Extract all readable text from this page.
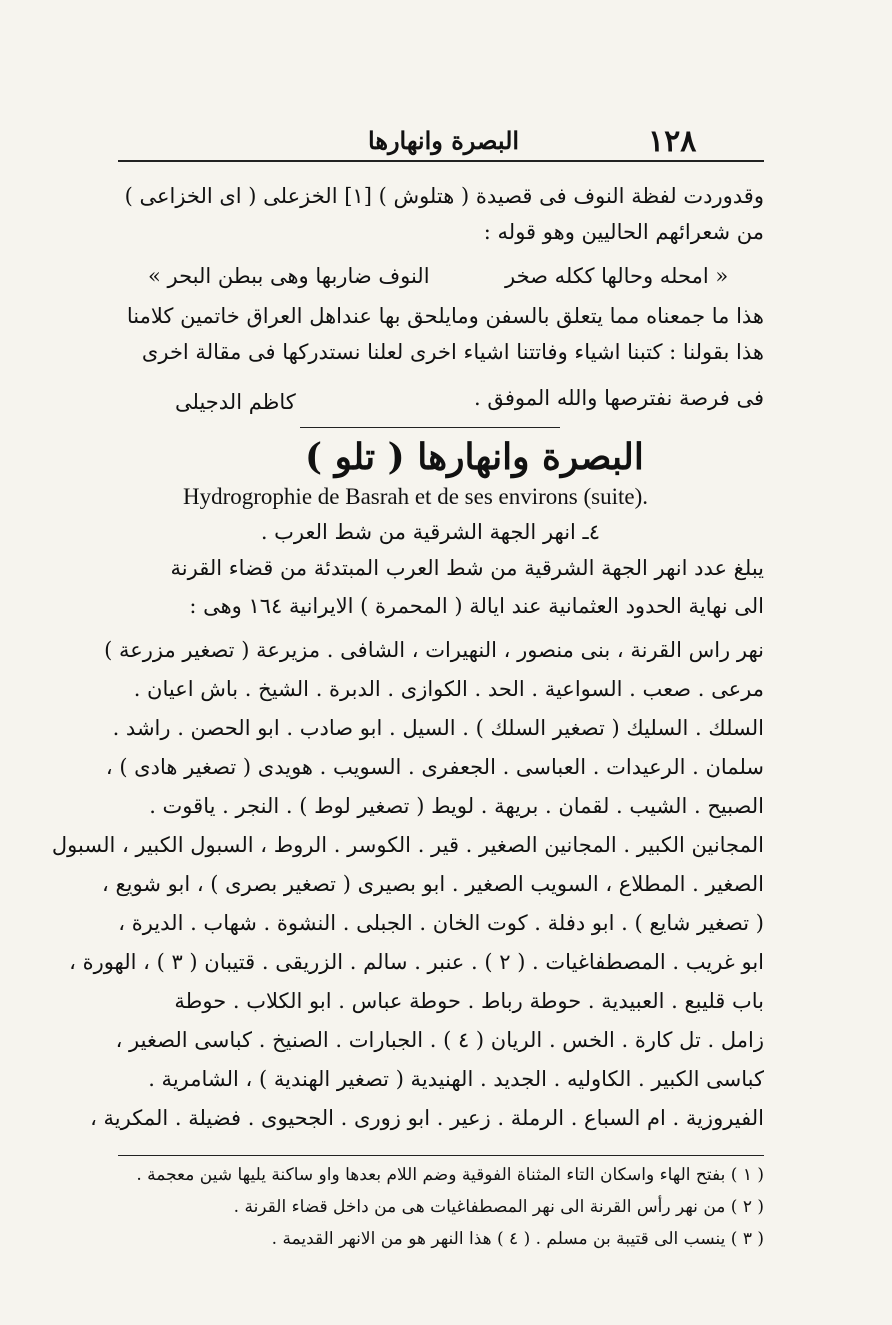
١٢٨
البصرة وانهارها
وقدوردت لفظة النوف فى قصيدة ( هتلوش ) [١] الخزعلى ( اى الخزاعى )
من شعرائهم الحاليين وهو قوله :
« امحله وحالها ككله صخر
النوف ضاربها وهى ببطن البحر »
هذا ما جمعناه مما يتعلق بالسفن ومايلحق بها عنداهل العراق خاتمين كلامنا
هذا بقولنا : كتبنا اشياء وفاتتنا اشياء اخرى لعلنا نستدركها فى مقالة اخرى
فى فرصة نفترصها والله الموفق .
كاظم الدجيلى
البصرة وانهارها ( تلو )
Hydrogrophie de Basrah et de ses environs (suite).
٤ـ انهر الجهة الشرقية من شط العرب .
يبلغ عدد انهر الجهة الشرقية من شط العرب المبتدئة من قضاء القرنة
الى نهاية الحدود العثمانية عند ايالة ( المحمرة ) الايرانية ١٦٤ وهى :
نهر راس القرنة ، بنى منصور ، النهيرات ، الشافى . مزيرعة ( تصغير مزرعة )
مرعى . صعب . السواعية . الحد . الكوازى . الدبرة . الشيخ . باش اعيان .
السلك . السليك ( تصغير السلك ) . السيل . ابو صادب . ابو الحصن . راشد .
سلمان . الرعيدات . العباسى . الجعفرى . السويب . هويدى ( تصغير هادى ) ،
الصبيح . الشيب . لقمان . بريهة . لويط ( تصغير لوط ) . النجر . ياقوت .
المجانين الكبير . المجانين الصغير . قير . الكوسر . الروط ، السبول الكبير ، السبول
الصغير . المطلاع ، السويب الصغير . ابو بصيرى ( تصغير بصرى ) ، ابو شويع ،
( تصغير شايع ) . ابو دفلة . كوت الخان . الجبلى . النشوة . شهاب . الديرة ،
ابو غريب . المصطفاغيات . ( ٢ ) . عنبر . سالم . الزريقى . قتيبان ( ٣ ) ، الهورة ،
باب قليبع . العبيدية . حوطة رباط . حوطة عباس . ابو الكلاب . حوطة
زامل . تل كارة . الخس . الريان ( ٤ ) . الجبارات . الصنيخ . كباسى الصغير ،
كباسى الكبير . الكاوليه . الجديد . الهنيدية ( تصغير الهندية ) ، الشامرية .
الفيروزية . ام السباع . الرملة . زعير . ابو زورى . الجحيوى . فضيلة . المكرية ،
( ١ ) بفتح الهاء واسكان التاء المثناة الفوقية وضم اللام بعدها واو ساكنة يليها شين معجمة .
( ٢ ) من نهر رأس القرنة الى نهر المصطفاغيات هى من داخل قضاء القرنة .
( ٣ ) ينسب الى قتيبة بن مسلم . ( ٤ ) هذا النهر هو من الانهر القديمة .
